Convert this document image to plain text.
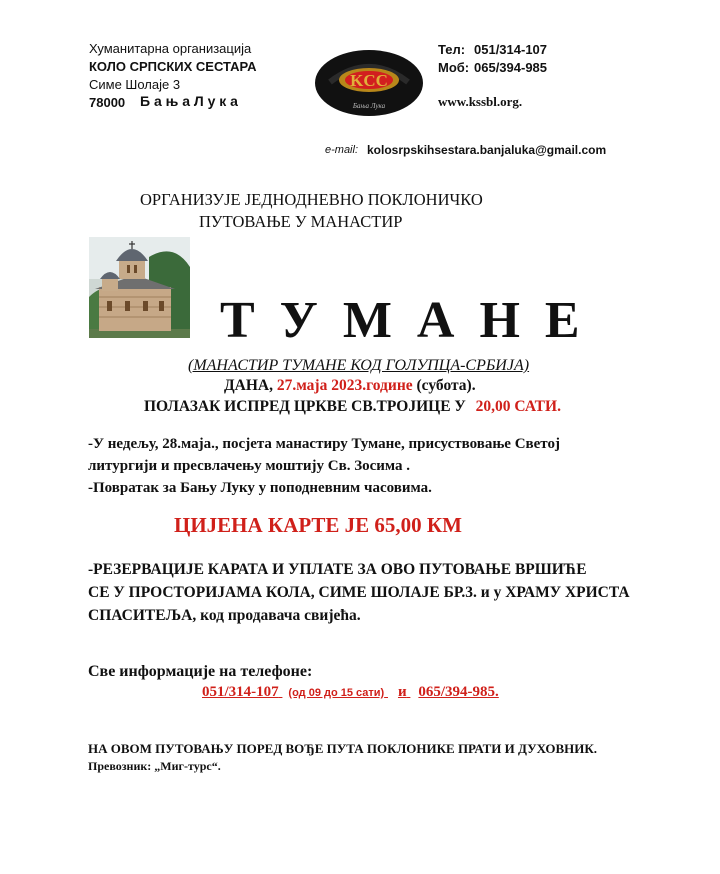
Хуманитарна организација
КОЛО СРПСКИХ СЕСТАРА
Симе Шолаје 3
78000 Б а њ а Л у к а
KCC
Бања Лука
Тел: 051/314-107
Моб: 065/394-985
www.kssbl.org.
e-mail: kolosrpskihsestara.banjaluka@gmail.com
ОРГАНИЗУЈЕ ЈЕДНОДНЕВНО ПОКЛОНИЧКО
ПУТОВАЊЕ У МАНАСТИР
Т У М А Н Е
(МАНАСТИР ТУМАНЕ КОД ГОЛУПЦА-СРБИЈА)
ДАНА, 27.маја 2023.године (субота).
ПОЛАЗАК ИСПРЕД ЦРКВЕ СВ.ТРОЈИЦЕ У 20,00 САТИ.
-У недељу, 28.маја., посјета манастиру Тумане, присуствовање Светој
литургији и пресвлачењу моштију Св. Зосима .
-Повратак за Бању Луку у поподневним часовима.
ЦИЈЕНА КАРТЕ ЈЕ 65,00 КМ
-РЕЗЕРВАЦИЈЕ КАРАТА И УПЛАТЕ ЗА ОВО ПУТОВАЊЕ ВРШИЋЕ
СЕ У ПРОСТОРИЈАМА КОЛА, СИМЕ ШОЛАЈЕ БР.3. и у ХРАМУ ХРИСТА
СПАСИТЕЉА, код продавача свијећа.
Све информације на телефоне:
051/314-107 (од 09 до 15 сати) и 065/394-985.
НА ОВОМ ПУТОВАЊУ ПОРЕД ВОЂЕ ПУТА ПОКЛОНИКЕ ПРАТИ И ДУХОВНИК.
Превозник: „Миг-турс“.
